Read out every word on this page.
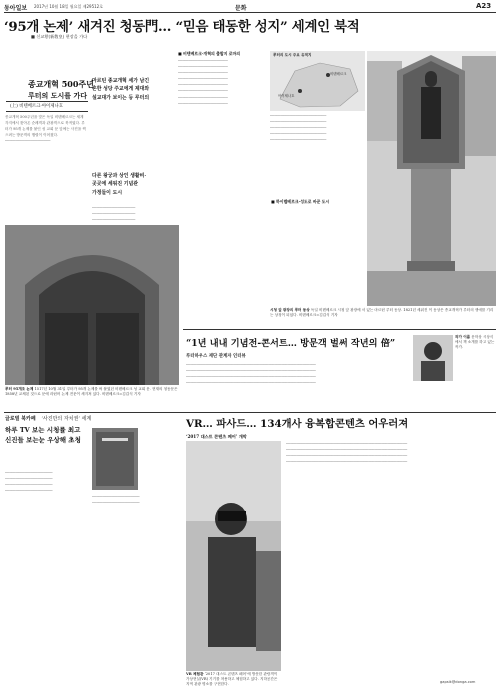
동아일보 2017년 10월 18일 월요일 제29512호	문화	A23
‘95개 논제’ 새겨진 청동門… “믿음 태동한 성지” 세계인 북적
■ 신교황(新敎皇) 현장을 가다
종교개혁 500주년
루터의 도시를 가다
(上) 비텐베르크·아이제나흐
종교개혁 500주년을 맞은 독일 비텐베르크는 세계 각지에서 찾아온 순례객과 관광객으로 북적였다. 루터가 95개 논제를 붙인 성 교회 문 앞에는 사진을 찍으려는 방문객의 행렬이 이어졌다.
─────────────────────
마르틴 종교개혁 세가 남긴
흔한 성당 주교에게 제대와
설교대가 보이는 등 루터의
다른 왕궁과 상인 생활비·
곳곳에 세워진 기념관
가정들이 도시
────────────────────
────────────────────
────────────────────
■ 비텐베르크-개혁의 출발지 로마의
───────────────────────
───────────────────────
───────────────────────
───────────────────────
───────────────────────
───────────────────────
───────────────────────
───────────────────────
■ 하이델베르크-성도로 바꾼 도시
루터의 도시 주요 유적지
비텐베르크
아이제나흐
시청 앞 광장의 루터 동상 독일 비텐베르크 시청 앞 광장에 서 있는 마르틴 루터 동상. 1821년 세워진 이 동상은 종교개혁가 루터의 생애를 기리는 상징이 되었다. 비텐베르크=김갑식 기자
──────────────────────────
──────────────────────────
──────────────────────────
──────────────────────────
──────────────────────────
루터 95개조 논제 1517년 10월 31일 루터가 95개 논제를 써 붙였던 비텐베르크 성 교회 문. 현재의 청동문은 1858년 교체된 것으로 문에 라틴어 논제 전문이 새겨져 있다. 비텐베르크=김갑식 기자
“1년 내내 기념전-콘서트… 방문객 벌써 작년의 倍”
루터하우스 재단 관계자 인터뷰
────────────────────────────────────────────────────────────
────────────────────────────────────────────────────────────
────────────────────────────────────────────────────────────
────────────────────────────────────────────────────────────
작가 이름 문학상 시상식에서 책 소개를 하고 있는 작가.
글로벌 북카페 ‘사진만의 자치권’ 세계
하루 TV 보는 시청률 최고 신진들 보는눈 우상해 초청
──────────────────────
──────────────────────
──────────────────────
──────────────────────
──────────────────────
──────────────────────
VR… 파사드… 134개사 융복합콘텐츠 어우러져
‘2017 대스트 콘텐츠 페어’ 개막
VR 체험관 ‘2017 대스트 콘텐츠 페어’에 방문한 관람객이 가상현실(VR) 기기를 착용하고 체험하고 있다. 지하공간은 지역 관광 명소를 구현한다.
────────────────────────────────────────────────────────
────────────────────────────────────────────────────────
────────────────────────────────────────────────────────
────────────────────────────────────────────────────────
gapsik@donga.com
